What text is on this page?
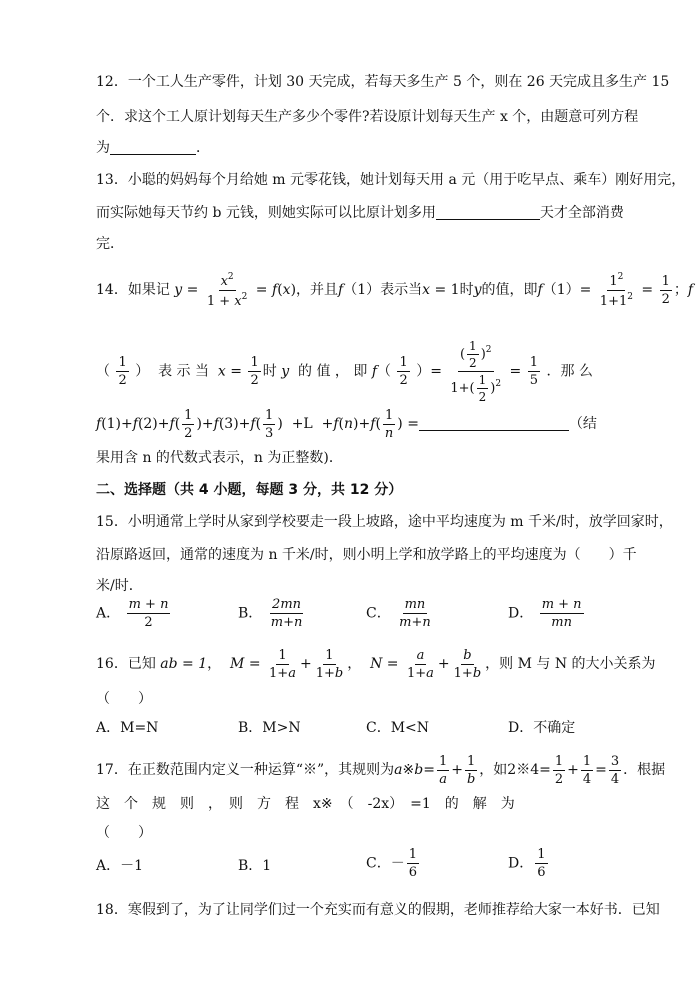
12．一个工人生产零件，计划 30 天完成，若每天多生产 5 个，则在 26 天完成且多生产 15
个．求这个工人原计划每天生产多少个零件?若设原计划每天生产 x 个，由题意可列方程
为	．
13．小聪的妈妈每个月给她 m 元零花钱，她计划每天用 a 元（用于吃早点、乘车）刚好用完，
而实际她每天节约 b 元钱，则她实际可以比原计划多用	天才全部消费
完．
14．如果记 $y = \frac{x^2}{1 + x^2} = f(x)$，并且f（1）表示当x = 1时y的值，即$f(1)= \frac{1^2}{1+1^2} = \frac{1}{2}$ ；f
（ $\frac{1}{2}$ ） 表 示 当 $x = \frac{1}{2}$ 时 y 的 值 ， 即 $f( \frac{1}{2}$ ）= $\frac{( \frac{1}{2} )^2}{1+( \frac{1}{2} )^2} = \frac{1}{5}$ ．那 么
$f(1)+f(2)+f( \frac{1}{2} )+f(3)+f( \frac{1}{3}$ )  $+L +f(n)+f( \frac{1}{n}$ ) =	（结
果用含 n 的代数式表示，n 为正整数)．
二、选择题（共 4 小题，每题 3 分，共 12 分）
15．小明通常上学时从家到学校要走一段上坡路，途中平均速度为 m 千米/时，放学回家时，
沿原路返回，通常的速度为 n 千米/时，则小明上学和放学路上的平均速度为（　　）千
米/时．
A． $\frac{m + n}{2}$	B． $\frac{2mn}{m+n}$	C． $\frac{mn}{m+n}$	D． $\frac{m + n}{mn}$
16．已知 ab = 1， $M = \frac{1}{1+a} + \frac{1}{1+b}$ ，  $N = \frac{a}{1+a} + \frac{b}{1+b}$ ，则 M 与 N 的大小关系为
（　　）
A．M=N	B．M>N	C．M<N	D．不确定
17．在正数范围内定义一种运算“※”，其规则为a※b= $\frac{1}{a} + \frac{1}{b}$ ，如2※4= $\frac{1}{2} + \frac{1}{4} = \frac{3}{4}$ ．根据
这　个　规　则　，　则　方　程　x※　（　-2x）　=1　的　解　为
（　　）
A．－1	B．1	C．－ $\frac{1}{6}$	D． $\frac{1}{6}$
18．寒假到了，为了让同学们过一个充实而有意义的假期，老师推荐给大家一本好书．已知
